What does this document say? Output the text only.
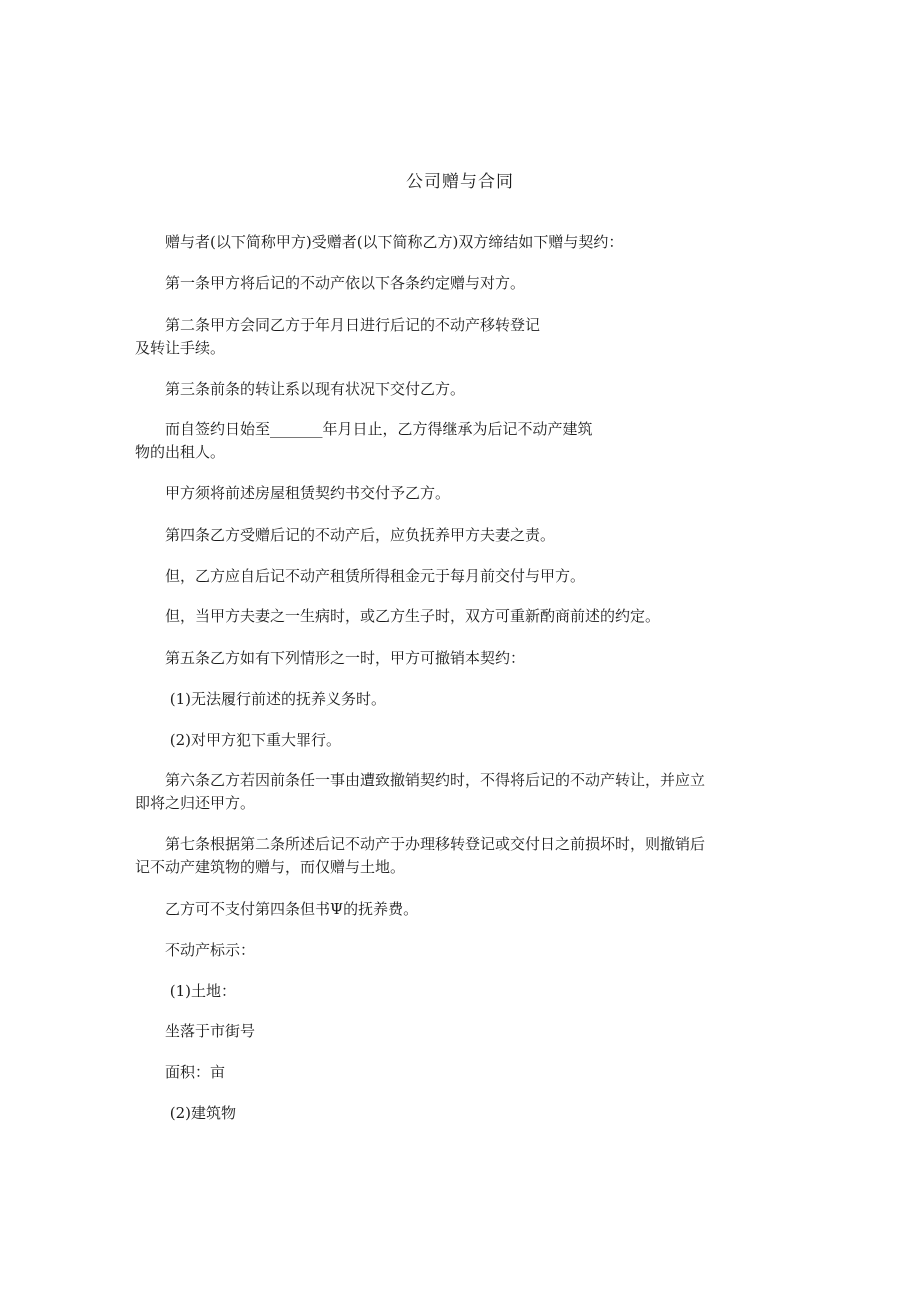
公司赠与合同
　　赠与者(以下简称甲方)受赠者(以下简称乙方)双方缔结如下赠与契约：
　　第一条甲方将后记的不动产依以下各条约定赠与对方。
　　第二条甲方会同乙方于年月日进行后记的不动产移转登记
及转让手续。
　　第三条前条的转让系以现有状况下交付乙方。
　　而自签约日始至_______年月日止，乙方得继承为后记不动产建筑
物的出租人。
　　甲方须将前述房屋租赁契约书交付予乙方。
　　第四条乙方受赠后记的不动产后，应负抚养甲方夫妻之责。
　　但，乙方应自后记不动产租赁所得租金元于每月前交付与甲方。
　　但，当甲方夫妻之一生病时，或乙方生子时，双方可重新酌商前述的约定。
　　第五条乙方如有下列情形之一时，甲方可撤销本契约：
　　 (1)无法履行前述的抚养义务时。
　　 (2)对甲方犯下重大罪行。
　　第六条乙方若因前条任一事由遭致撤销契约时，不得将后记的不动产转让，并应立
即将之归还甲方。
　　第七条根据第二条所述后记不动产于办理移转登记或交付日之前损坏时，则撤销后
记不动产建筑物的赠与，而仅赠与土地。
　　乙方可不支付第四条但书Ψ的抚养费。
　　不动产标示：
　　 (1)土地：
　　坐落于市街号
　　面积：亩
　　 (2)建筑物
